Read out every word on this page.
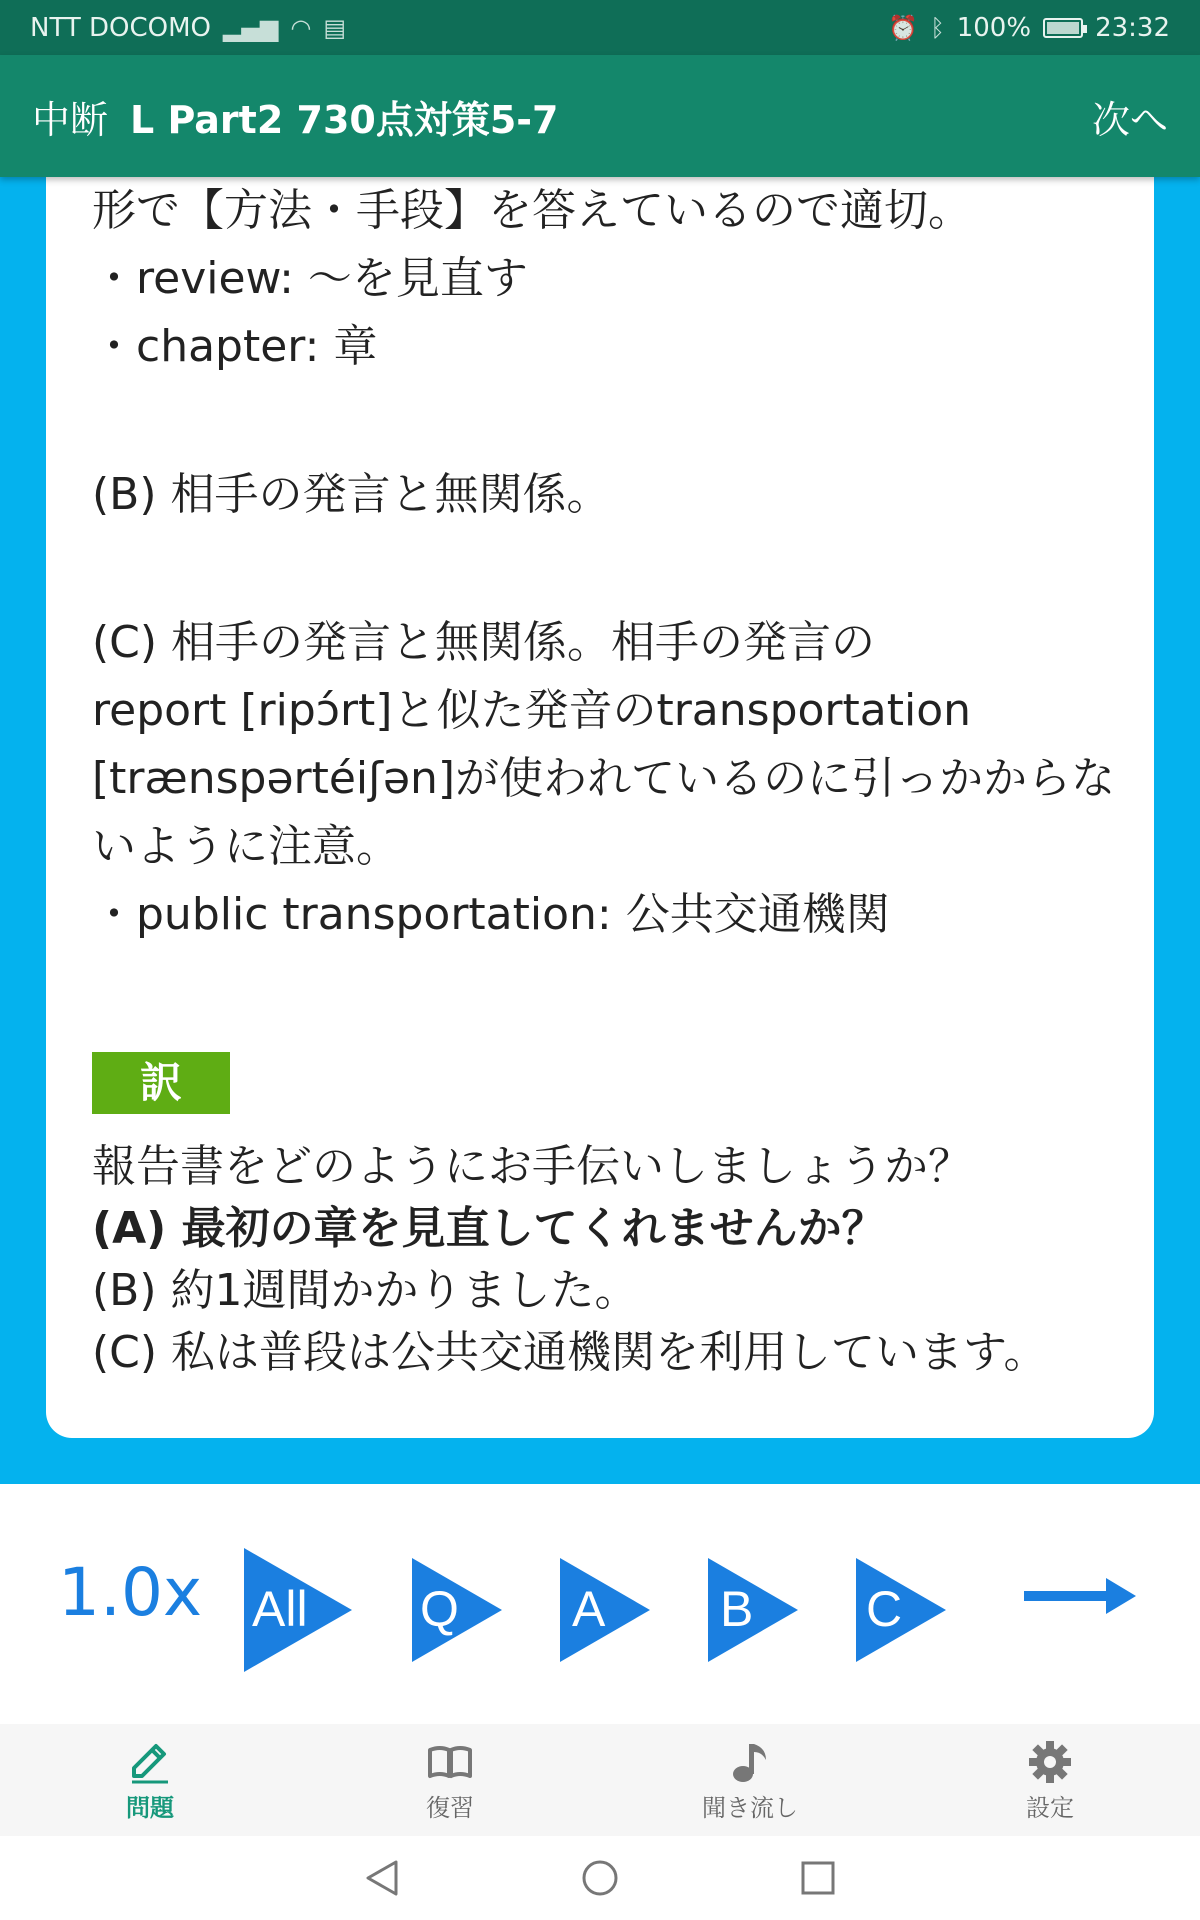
NTT DOCOMO ▂▄▆ ◠ ▤	⏰ ᛒ 100% 23:32
中断 L Part2 730点対策5-7	次へ
形で【方法・手段】を答えているので適切。
・review: ～を見直す
・chapter: 章
(B) 相手の発言と無関係。
(C) 相手の発言と無関係。相手の発言の
report [ripɔ́rt]と似た発音のtransportation
[trænspərtéiʃən]が使われているのに引っかからな
いように注意。
・public transportation: 公共交通機関
訳
報告書をどのようにお手伝いしましょうか？
(A) 最初の章を見直してくれませんか？
(B) 約1週間かかりました。
(C) 私は普段は公共交通機関を利用しています。
1.0x All Q A B C
問題	復習	聞き流し	設定
